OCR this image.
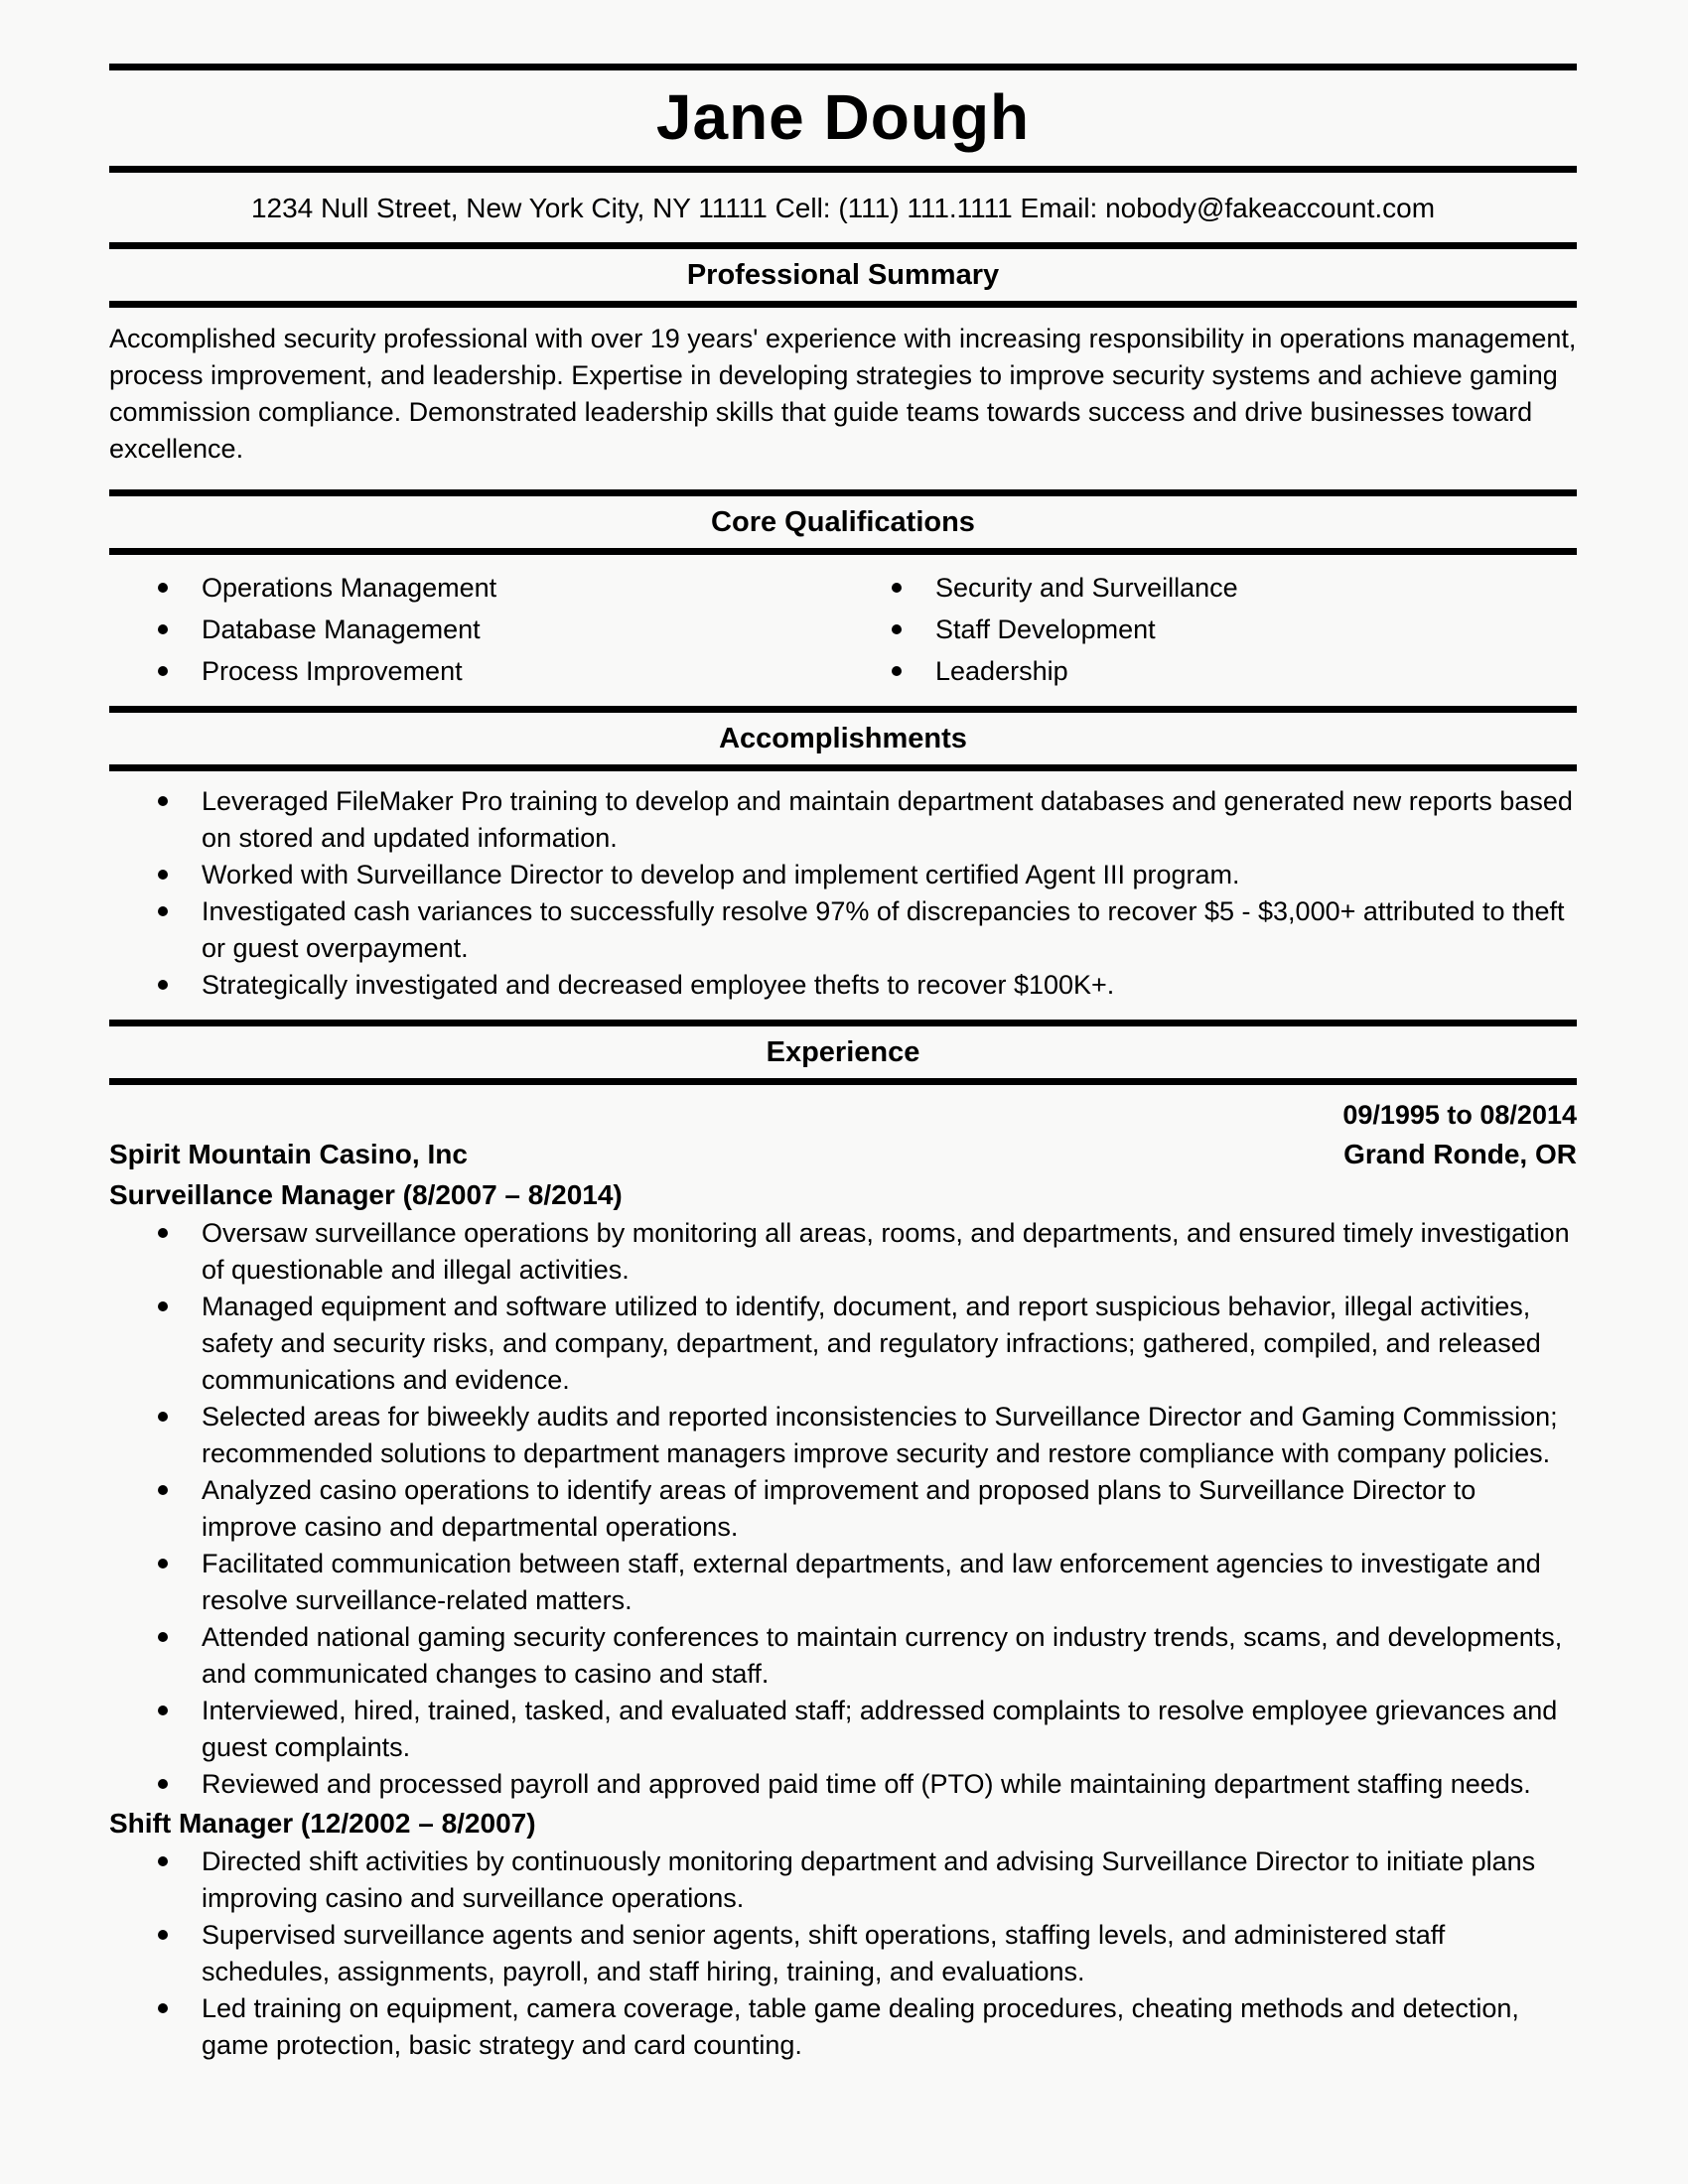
Jane Dough
1234 Null Street, New York City, NY 11111 Cell: (111) 111.1111 Email: nobody@fakeaccount.com
Professional Summary

Accomplished security professional with over 19 years' experience with increasing responsibility in operations management, process improvement, and leadership. Expertise in developing strategies to improve security systems and achieve gaming commission compliance. Demonstrated leadership skills that guide teams towards success and drive businesses toward excellence.

Core Qualifications
Operations Management
Database Management
Process Improvement
Security and Surveillance
Staff Development
Leadership
Accomplishments
Leveraged FileMaker Pro training to develop and maintain department databases and generated new reports based on stored and updated information.
Worked with Surveillance Director to develop and implement certified Agent III program.
Investigated cash variances to successfully resolve 97% of discrepancies to recover $5 - $3,000+ attributed to theft or guest overpayment.
Strategically investigated and decreased employee thefts to recover $100K+.
Experience
09/1995 to 08/2014
Spirit Mountain Casino, Inc	Grand Ronde, OR
Surveillance Manager (8/2007 – 8/2014)
Oversaw surveillance operations by monitoring all areas, rooms, and departments, and ensured timely investigation of questionable and illegal activities.
Managed equipment and software utilized to identify, document, and report suspicious behavior, illegal activities, safety and security risks, and company, department, and regulatory infractions; gathered, compiled, and released communications and evidence.
Selected areas for biweekly audits and reported inconsistencies to Surveillance Director and Gaming Commission; recommended solutions to department managers improve security and restore compliance with company policies.
Analyzed casino operations to identify areas of improvement and proposed plans to Surveillance Director to improve casino and departmental operations.
Facilitated communication between staff, external departments, and law enforcement agencies to investigate and resolve surveillance-related matters.
Attended national gaming security conferences to maintain currency on industry trends, scams, and developments, and communicated changes to casino and staff.
Interviewed, hired, trained, tasked, and evaluated staff; addressed complaints to resolve employee grievances and guest complaints.
Reviewed and processed payroll and approved paid time off (PTO) while maintaining department staffing needs.
Shift Manager (12/2002 – 8/2007)
Directed shift activities by continuously monitoring department and advising Surveillance Director to initiate plans improving casino and surveillance operations.
Supervised surveillance agents and senior agents, shift operations, staffing levels, and administered staff schedules, assignments, payroll, and staff hiring, training, and evaluations.
Led training on equipment, camera coverage, table game dealing procedures, cheating methods and detection, game protection, basic strategy and card counting.
